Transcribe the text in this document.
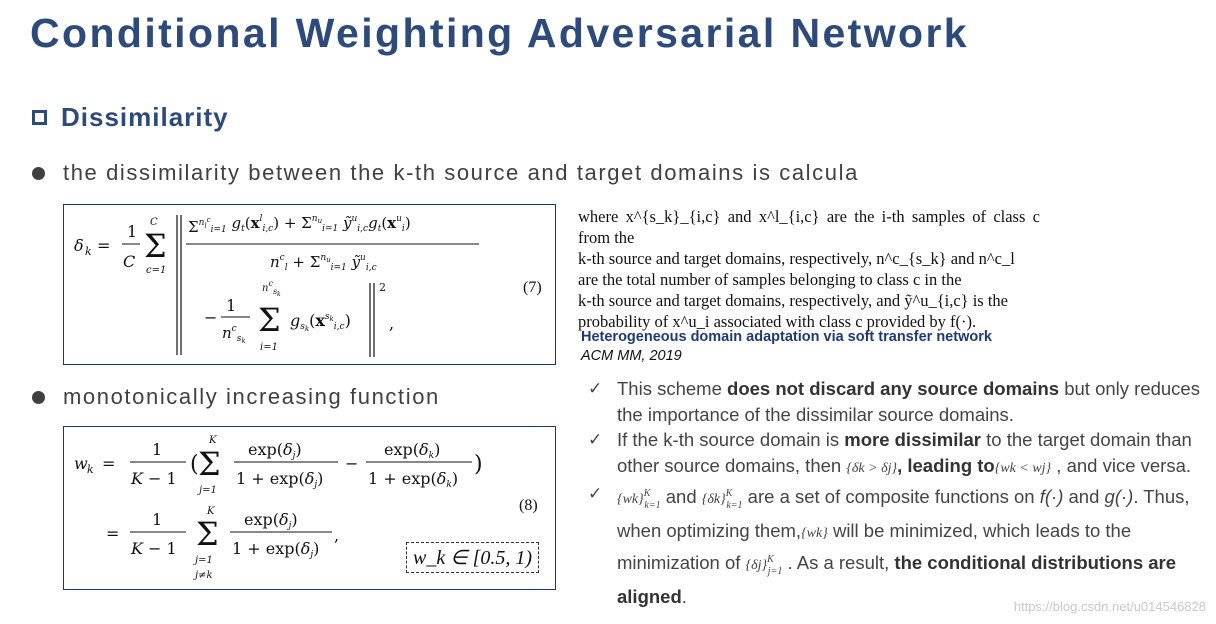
Conditional Weighting Adversarial Network
Dissimilarity
the dissimilarity between the k-th source and target domains is calcula
monotonically increasing function
δ k =
1
C
C
Σ
c=1
$\Sigma^n_l^c_{i=1}$ $g_t(x^l_{i,c}) + \Sigma^nu_{i=1}$ $ỹ^u_{i,c}g_t(x^u_i)$
$n^c_l + \Sigma^nu_{i=1}$ ỹ$^u_{i,c}$
−
1
$n^c_sk$
$n^c_{sk}$
Σ
i=1
$gsk(x^sk_{i,c})$
2
,
(7)
w k =
1
K − 1
(
K
Σ
j=1
exp(δj)
1 + exp(δj)
−
exp(δk)
1 + exp(δk)
)
=
1
K − 1
K
Σ
j=1
j≠k
exp(δj)
1 + exp(δj)
,
(8)
w_k ∈ [0.5, 1)
where x^{s_k}_{i,c} and x^l_{i,c} are the i-th samples of class c from the
k-th source and target domains, respectively, n^c_{s_k} and n^c_l
are the total number of samples belonging to class c in the
k-th source and target domains, respectively, and ỹ^u_{i,c} is the
probability of x^u_i associated with class c provided by f(·).
Heterogeneous domain adaptation via soft transfer network
ACM MM, 2019
✓ This scheme does not discard any source domains but only reduces the importance of the dissimilar source domains.
✓ If the k-th source domain is more dissimilar to the target domain than other source domains, then {δk > δj}, leading to{wk < wj} , and vice versa.
✓ {wk}$^K_{k=1}$ and $\{\delta k\}^K_{k=1}$ are a set of composite functions on f(·) and g(·). Thus, when optimizing them,{wk} will be minimized, which leads to the minimization of $\{\delta j\}^K_{j=1}$ . As a result, the conditional distributions are aligned.	https://blog.csdn.net/u014546828
